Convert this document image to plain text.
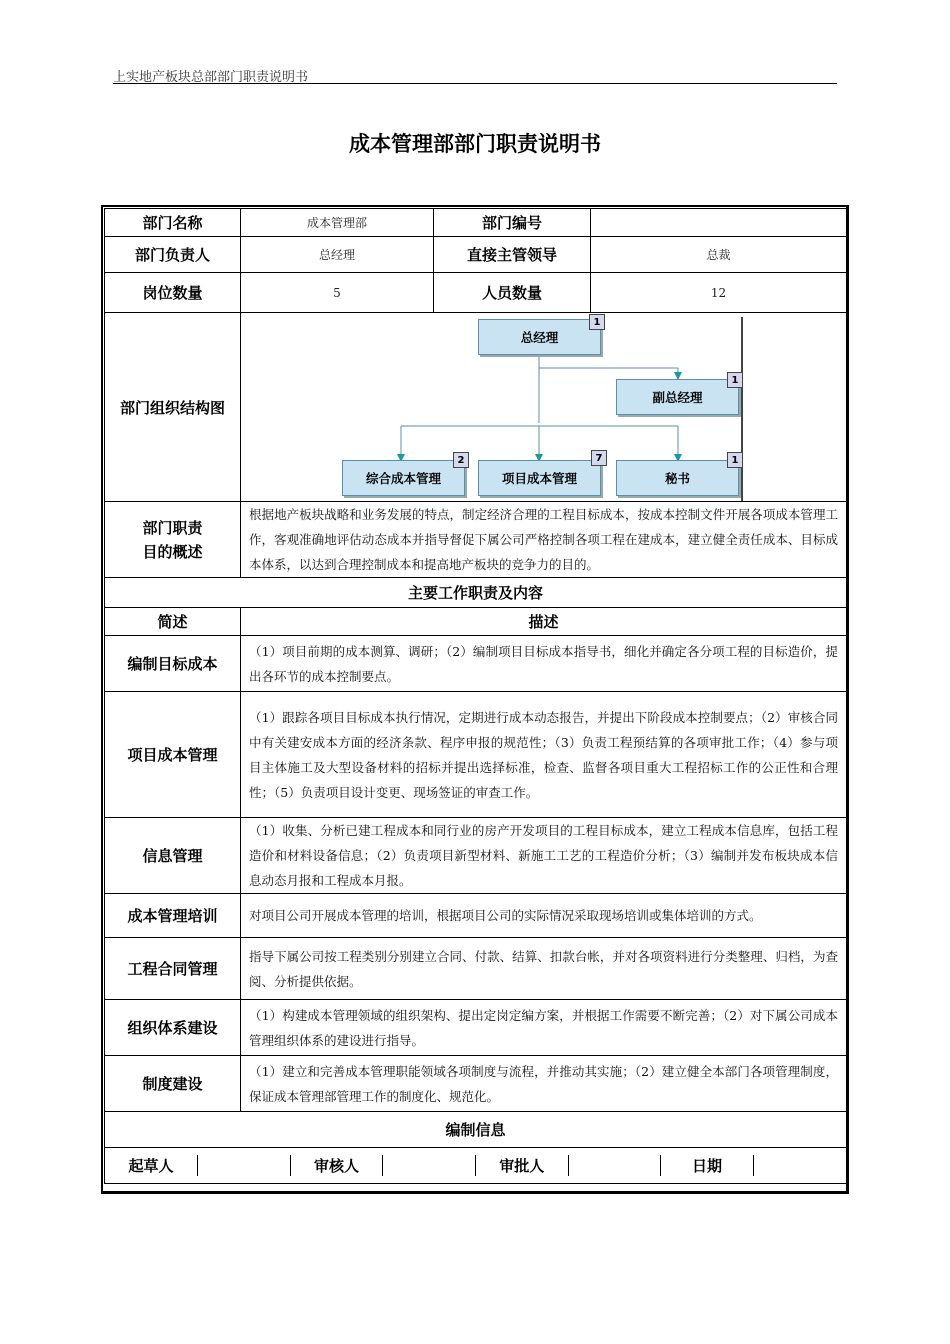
上实地产板块总部部门职责说明书
成本管理部部门职责说明书
部门名称	成本管理部	部门编号	
部门负责人	总经理	直接主管领导	总裁
岗位数量	5	人员数量	12
部门组织结构图	
总经理
1
副总经理
1
综合成本管理
2
项目成本管理
7
秘书
1

部门职责
目的概述
	根据地产板块战略和业务发展的特点，制定经济合理的工程目标成本，按成本控制文件开展各项成本管理工作，客观准确地评估动态成本并指导督促下属公司严格控制各项工程在建成本，建立健全责任成本、目标成本体系，以达到合理控制成本和提高地产板块的竞争力的目的。
主要工作职责及内容
简述	描述
编制目标成本	（1）项目前期的成本测算、调研；（2）编制项目目标成本指导书，细化并确定各分项工程的目标造价，提出各环节的成本控制要点。
项目成本管理	（1）跟踪各项目目标成本执行情况，定期进行成本动态报告，并提出下阶段成本控制要点；（2）审核合同中有关建安成本方面的经济条款、程序申报的规范性；（3）负责工程预结算的各项审批工作；（4）参与项目主体施工及大型设备材料的招标并提出选择标准，检查、监督各项目重大工程招标工作的公正性和合理性；（5）负责项目设计变更、现场签证的审查工作。
信息管理	（1）收集、分析已建工程成本和同行业的房产开发项目的工程目标成本，建立工程成本信息库，包括工程造价和材料设备信息；（2）负责项目新型材料、新施工工艺的工程造价分析；（3）编制并发布板块成本信息动态月报和工程成本月报。
成本管理培训	对项目公司开展成本管理的培训，根据项目公司的实际情况采取现场培训或集体培训的方式。
工程合同管理	指导下属公司按工程类别分别建立合同、付款、结算、扣款台帐，并对各项资料进行分类整理、归档，为查阅、分析提供依据。
组织体系建设	（1）构建成本管理领域的组织架构、提出定岗定编方案，并根据工作需要不断完善；（2）对下属公司成本管理组织体系的建设进行指导。
制度建设	（1）建立和完善成本管理职能领域各项制度与流程，并推动其实施；（2）建立健全本部门各项管理制度，保证成本管理部管理工作的制度化、规范化。
编制信息

起草人		审核人		审批人		日期	
